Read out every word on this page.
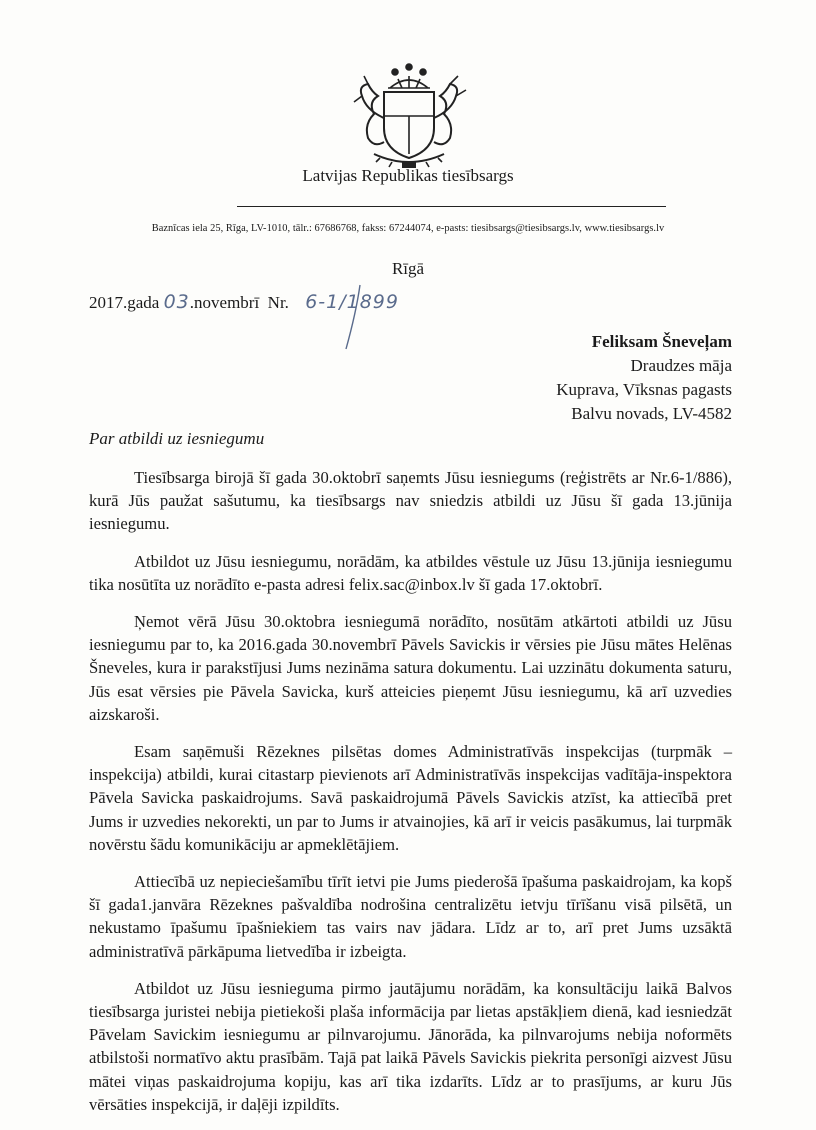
Latvijas Republikas tiesībsargs
Baznīcas iela 25, Rīga, LV-1010, tālr.: 67686768, fakss: 67244074, e-pasts: tiesibsargs@tiesibsargs.lv, www.tiesibsargs.lv
Rīgā
2017.gada 03.novembrī  Nr. 6-1/1899
Feliksam Šneveļam
Draudzes māja
Kuprava, Vīksnas pagasts
Balvu novads, LV-4582
Par atbildi uz iesniegumu

Tiesībsarga birojā šī gada 30.oktobrī saņemts Jūsu iesniegums (reģistrēts ar Nr.6-1/886), kurā Jūs paužat sašutumu, ka tiesībsargs nav sniedzis atbildi uz Jūsu šī gada 13.jūnija iesniegumu.

Atbildot uz Jūsu iesniegumu, norādām, ka atbildes vēstule uz Jūsu 13.jūnija iesniegumu tika nosūtīta uz norādīto e-pasta adresi felix.sac@inbox.lv šī gada 17.oktobrī.

Ņemot vērā Jūsu 30.oktobra iesniegumā norādīto, nosūtām atkārtoti atbildi uz Jūsu iesniegumu par to, ka 2016.gada 30.novembrī Pāvels Savickis ir vērsies pie Jūsu mātes Helēnas Šneveles, kura ir parakstījusi Jums nezināma satura dokumentu. Lai uzzinātu dokumenta saturu, Jūs esat vērsies pie Pāvela Savicka, kurš atteicies pieņemt Jūsu iesniegumu, kā arī uzvedies aizskaroši.

Esam saņēmuši Rēzeknes pilsētas domes Administratīvās inspekcijas (turpmāk – inspekcija) atbildi, kurai citastarp pievienots arī Administratīvās inspekcijas vadītāja-inspektora Pāvela Savicka paskaidrojums. Savā paskaidrojumā Pāvels Savickis atzīst, ka attiecībā pret Jums ir uzvedies nekorekti, un par to Jums ir atvainojies, kā arī ir veicis pasākumus, lai turpmāk novērstu šādu komunikāciju ar apmeklētājiem.

Attiecībā uz nepieciešamību tīrīt ietvi pie Jums piederošā īpašuma paskaidrojam, ka kopš šī gada1.janvāra Rēzeknes pašvaldība nodrošina centralizētu ietvju tīrīšanu visā pilsētā, un nekustamo īpašumu īpašniekiem tas vairs nav jādara. Līdz ar to, arī pret Jums uzsāktā administratīvā pārkāpuma lietvedība ir izbeigta.

Atbildot uz Jūsu iesnieguma pirmo jautājumu norādām, ka konsultāciju laikā Balvos tiesībsarga juristei nebija pietiekoši plaša informācija par lietas apstākļiem dienā, kad iesniedzāt Pāvelam Savickim iesniegumu ar pilnvarojumu. Jānorāda, ka pilnvarojums nebija noformēts atbilstoši normatīvo aktu prasībām. Tajā pat laikā Pāvels Savickis piekrita personīgi aizvest Jūsu mātei viņas paskaidrojuma kopiju, kas arī tika izdarīts. Līdz ar to prasījums, ar kuru Jūs vērsāties inspekcijā, ir daļēji izpildīts.
